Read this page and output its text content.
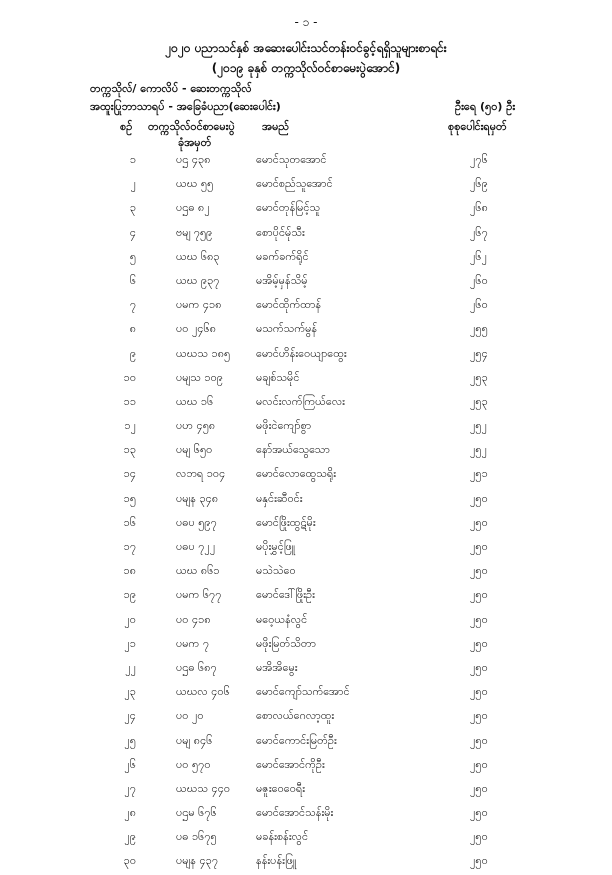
- ၁ -
၂၀၂၀ ပညာသင်နှစ် အဆေးပေါင်းသင်တန်းဝင်ခွင့်ရရှိသူများစာရင်း
(၂၀၁၉ ခုနှစ် တက္ကသိုလ်ဝင်စာမေးပွဲအောင်)
တက္ကသိုလ်/ ကောလိပ် - ဆေးတက္ကသိုလ်
အထူးပြုဘာသာရပ် - အခြေခံပညာ(ဆေးပေါင်း)	ဦးရေ (၅၀) ဦး
စဉ် တက္ကသိုလ်ဝင်စာမေးပွဲ
ခုံအမှတ်
အမည်	စုစုပေါင်းရမှတ်
၁	ပဌ ၄၃၈	မောင်သုတအောင်	၂၇၆
၂	ယဃ ၅၅	မောင်စည်သူအောင်	၂၆၉
၃	ပဌဓ ၈၂	မောင်တုန်မြင့်သူ	၂၆၈
၄	ဗမျ ၇၅၉	စောပိုင်မ်ုသီး	၂၆၇
၅	ယဃ ၆၈၃	မခက်ခက်ရိုင်	၂၆၂
၆	ယဃ ၉၃၇	မအိမ့်မှန်သိမ့်	၂၆၀
၇	ပမက ၄၁၈	မောင်ထိုက်ထာန်	၂၆၀
၈	ပဝ ၂၄၆၈	မသက်သက်မွန်	၂၅၅
၉	ယဃသ ၁၈၅ မောင်ဟိန်းဝေယျာထွေး	၂၅၄
၁၀	ပမျသ ၁၀၉	မချစ်သမိုင်	၂၅၃
၁၁	ယဃ ၁၆	မလင်းလက်ကြယ်လေး	၂၅၃
၁၂	ပဟ ၄၅၈	မဖိုးငဲကျော်စွာ	၂၅၂
၁၃	ပမျ ၆၅၀	နော်အယ်သွေသော	၂၅၂
၁၄	လဘရ ၁၀၄	မောင်လောထွေသရိုး	၂၅၁
၁၅	ပမျန ၃၄၈	မနှင်းဆီဝင်း	၂၅၀
၁၆	ပဓပ ၅၉၇	မောင်ဖြိုးထွဋ်မိုး	၂၅၀
၁၇	ပဓပ ၇၂၂	မပိုးမွှင့်ဖြူ	၂၅၀
၁၈	ယဃ ၈၆၁	မသဲသဲဝေ	၂၅၀
၁၉	ပမက ၆၇၇	မောင်ဒေါ်ဖြိုးဦး	၂၅၀
၂၀	ပဝ ၄၁၈	မဝေ့ယနံလွင်	၂၅၀
၂၁	ပမက ၇	မဖိုးမြတ်သိတာ	၂၅၀
၂၂	ပဌဓ ၆၈၇	မအိအိမွေး	၂၅၀
၂၃	ယဃလ ၄၀၆ မောင်ကျော်သက်အောင်	၂၅၀
၂၄	ပဝ ၂၀	စောလယ်ဂေလာ့ထူး	၂၅၀
၂၅	ပမျ ၈၄၆	မောင်ကောင်းမြတ်ဦး	၂၅၀
၂၆	ပဝ ၅၇၀	မောင်အောင်ကိုဦး	၂၅၀
၂၇	ယဃသ ၄၄၀ မဇူးဝေဝေရီး	၂၅၀
၂၈	ပဌမ ၆၇၆	မောင်အောင်သန်းမိုး	၂၅၀
၂၉	ပဓ ၁၆၇၅	မခန်းစန်းလွင်	၂၅၀
၃၀	ပမျန ၄၃၇	နန်းပန်းဖြူ	၂၅၀
